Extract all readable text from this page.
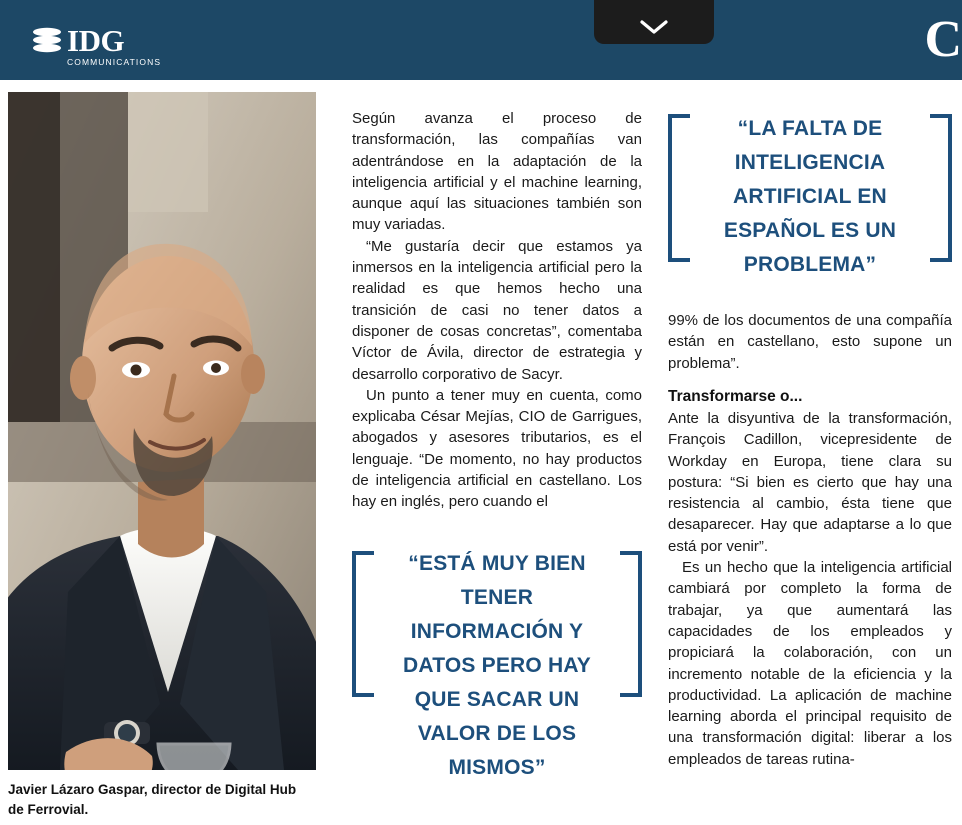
IDG
COMMUNICATIONS	C
Javier Lázaro Gaspar, director de Digital Hub de Ferrovial.

Según avanza el proceso de transformación, las compañías van adentrándose en la adaptación de la inteligencia artificial y el machine learning, aunque aquí las situaciones también son muy variadas.

“Me gustaría decir que estamos ya inmersos en la inteligencia artificial pero la realidad es que hemos hecho una transición de casi no tener datos a disponer de cosas concretas”, comentaba Víctor de Ávila, director de estrategia y desarrollo corporativo de Sacyr.

Un punto a tener muy en cuenta, como explicaba César Mejías, CIO de Garrigues, abogados y asesores tributarios, es el lenguaje. “De momento, no hay productos de inteligencia artificial en castellano. Los hay en inglés, pero cuando el

“ESTÁ MUY BIEN TENER INFORMACIÓN Y DATOS PERO HAY QUE SACAR UN VALOR DE LOS MISMOS”
“LA FALTA DE INTELIGENCIA ARTIFICIAL EN ESPAÑOL ES UN PROBLEMA”

99% de los documentos de una compañía están en castellano, esto supone un problema”.

Transformarse o...

Ante la disyuntiva de la transformación, François Cadillon, vicepresidente de Workday en Europa, tiene clara su postura: “Si bien es cierto que hay una resistencia al cambio, ésta tiene que desaparecer. Hay que adaptarse a lo que está por venir”.

Es un hecho que la inteligencia artificial cambiará por completo la forma de trabajar, ya que aumentará las capacidades de los empleados y propiciará la colaboración, con un incremento notable de la eficiencia y la productividad. La aplicación de machine learning aborda el principal requisito de una transformación digital: liberar a los empleados de tareas rutina-
